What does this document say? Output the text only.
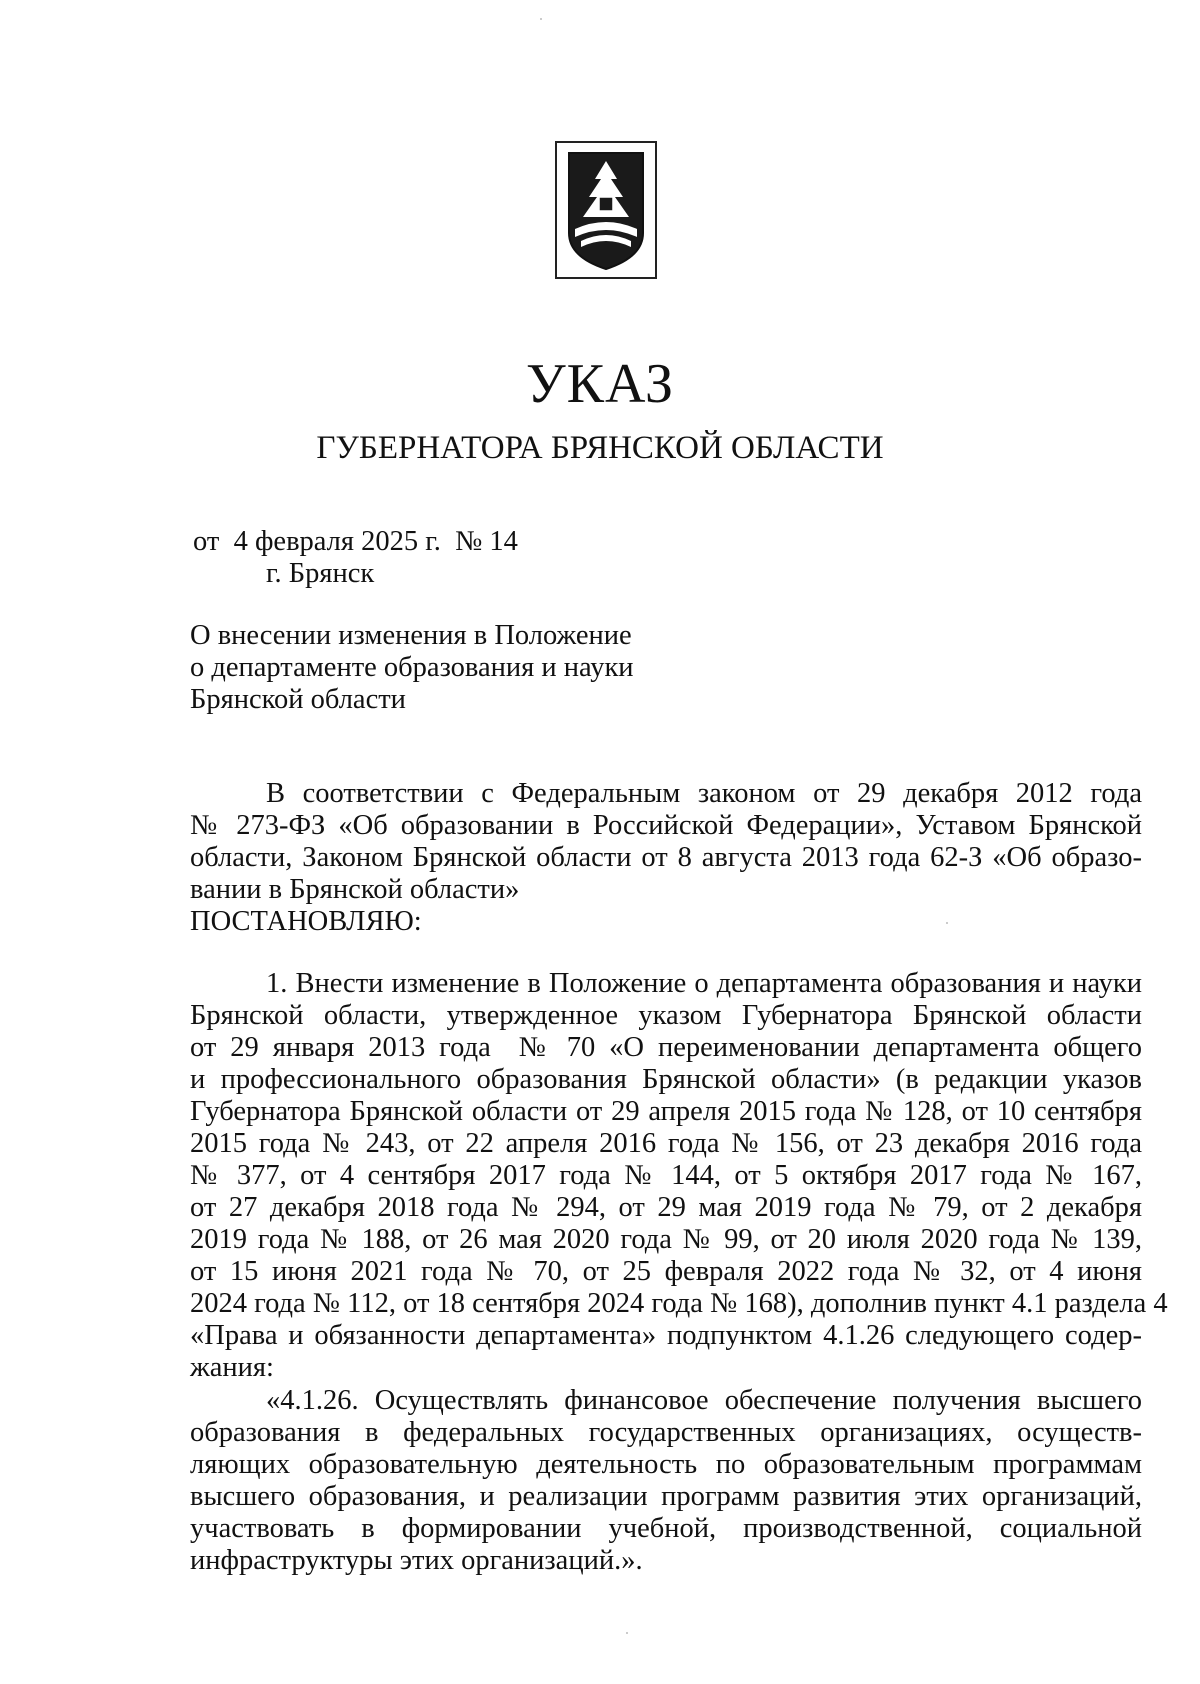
УКАЗ
ГУБЕРНАТОРА БРЯНСКОЙ ОБЛАСТИ
от  4 февраля 2025 г.  № 14
г. Брянск
О внесении изменения в Положение
о департаменте образования и науки
Брянской области
В соответствии с Федеральным законом от 29 декабря 2012 года
№ 273-ФЗ «Об образовании в Российской Федерации», Уставом Брянской
области, Законом Брянской области от 8 августа 2013 года 62-З «Об образо-
вании в Брянской области»
ПОСТАНОВЛЯЮ:
1. Внести изменение в Положение о департамента образования и науки
Брянской области, утвержденное указом Губернатора Брянской области
от 29 января 2013 года  № 70 «О переименовании департамента общего
и профессионального образования Брянской области» (в редакции указов
Губернатора Брянской области от 29 апреля 2015 года № 128, от 10 сентября
2015 года № 243, от 22 апреля 2016 года № 156, от 23 декабря 2016 года
№ 377, от 4 сентября 2017 года № 144, от 5 октября 2017 года № 167,
от 27 декабря 2018 года № 294, от 29 мая 2019 года № 79, от 2 декабря
2019 года № 188, от 26 мая 2020 года № 99, от 20 июля 2020 года № 139,
от 15 июня 2021 года № 70, от 25 февраля 2022 года № 32, от 4 июня
2024 года № 112, от 18 сентября 2024 года № 168), дополнив пункт 4.1 раздела 4
«Права и обязанности департамента» подпунктом 4.1.26 следующего содер-
жания:
«4.1.26. Осуществлять финансовое обеспечение получения высшего
образования в федеральных государственных организациях, осуществ-
ляющих образовательную деятельность по образовательным программам
высшего образования, и реализации программ развития этих организаций,
участвовать в формировании учебной, производственной, социальной
инфраструктуры этих организаций.».
